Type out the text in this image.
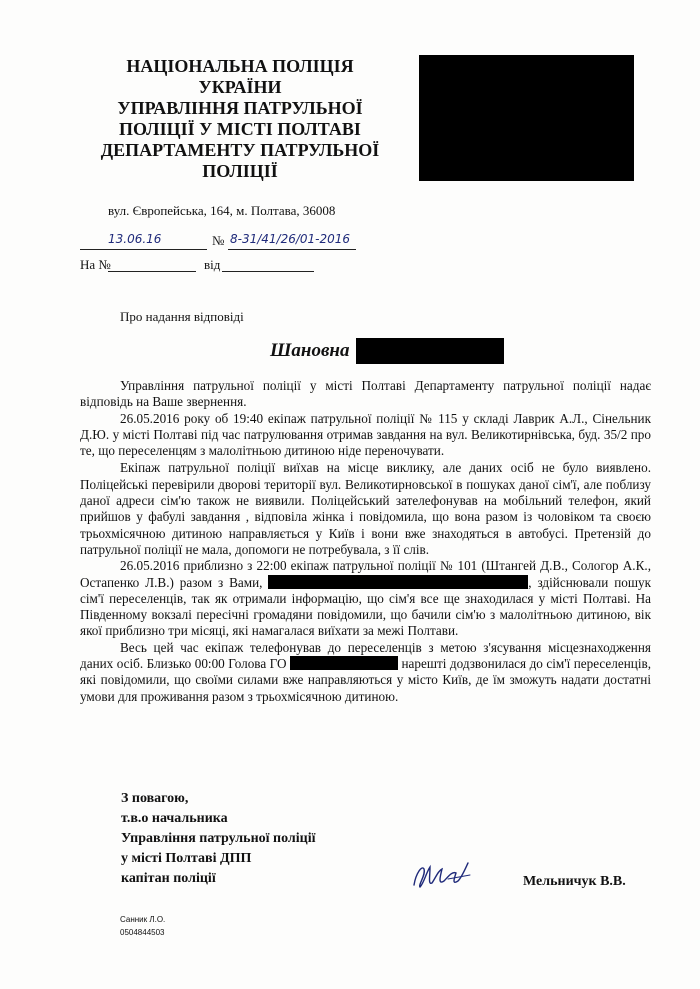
НАЦІОНАЛЬНА ПОЛІЦІЯ
УКРАЇНИ
УПРАВЛІННЯ ПАТРУЛЬНОЇ
ПОЛІЦІЇ У МІСТІ ПОЛТАВІ
ДЕПАРТАМЕНТУ ПАТРУЛЬНОЇ
ПОЛІЦІЇ
вул. Європейська, 164, м. Полтава, 36008
13.06.16	№ 8-31/41/26/01-2016
На №	від
Про надання відповіді
Шановна

Управління патрульної поліції у місті Полтаві Департаменту патрульної поліції надає відповідь на Ваше звернення.

26.05.2016 року об 19:40 екіпаж патрульної поліції № 115 у складі Лаврик А.Л., Сінельник Д.Ю. у місті Полтаві під час патрулювання отримав завдання на вул. Великотирнівська, буд. 35/2 про те, що переселенцям з малолітньою дитиною ніде переночувати.

Екіпаж патрульної поліції виїхав на місце виклику, але даних осіб не було виявлено. Поліцейські перевірили дворові території вул. Великотирновської в пошуках даної сім'ї, але поблизу даної адреси сім'ю також не виявили. Поліцейський зателефонував на мобільний телефон, який прийшов у фабулі завдання , відповіла жінка і повідомила, що вона разом із чоловіком та своєю трьохмісячною дитиною направляється у Київ і вони вже знаходяться в автобусі. Претензій до патрульної поліції не мала, допомоги не потребувала, з її слів.

26.05.2016 приблизно з 22:00 екіпаж патрульної поліції № 101 (Штангей Д.В., Сологор А.К., Остапенко Л.В.) разом з Вами,	, здійснювали пошук сім'ї переселенців, так як отримали інформацію, що сім'я все ще знаходилася у місті Полтаві. На Південному вокзалі пересічні громадяни повідомили, що бачили сім'ю з малолітньою дитиною, вік якої приблизно три місяці, які намагалася виїхати за межі Полтави.

Весь цей час екіпаж телефонував до переселенців з метою з'ясування місцезнаходження даних осіб. Близько 00:00 Голова ГО	нарешті додзвонилася до сім'ї переселенців, які повідомили, що своїми силами вже направляються у місто Київ, де їм зможуть надати достатні умови для проживання разом з трьохмісячною дитиною.

З повагою,
т.в.о начальника
Управління патрульної поліції
у місті Полтаві ДПП
капітан поліції	Мельничук В.В.
Санник Л.О.
0504844503
